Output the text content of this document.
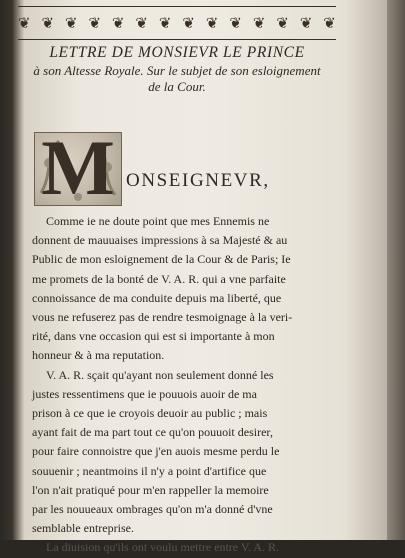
❦ ❦ ❦ ❦ ❦ ❦ ❦ ❦ ❦ ❦ ❦ ❦ ❦ ❦
LETTRE DE MONSIEVR LE PRINCE
à son Altesse Royale. Sur le subjet de son esloignement
de la Cour.
M ONSEIGNEVR,
Comme ie ne doute point que mes Ennemis ne
donnent de mauuaises impressions à sa Majesté & au
Public de mon esloignement de la Cour & de Paris; Ie
me promets de la bonté de V. A. R. qui a vne parfaite
connoissance de ma conduite depuis ma liberté, que
vous ne refuserez pas de rendre tesmoignage à la veri-
rité, dans vne occasion qui est si importante à mon
honneur & à ma reputation.
V. A. R. sçait qu'ayant non seulement donné les
justes ressentimens que ie pouuois auoir de ma
prison à ce que ie croyois deuoir au public ; mais
ayant fait de ma part tout ce qu'on pouuoit desirer,
pour faire connoistre que j'en auois mesme perdu le
souuenir ; neantmoins il n'y a point d'artifice que
l'on n'ait pratiqué pour m'en rappeller la memoire
par les nouueaux ombrages qu'on m'a donné d'vne
semblable entreprise.
La diuision qu'ils ont voulu mettre entre V. A. R.
